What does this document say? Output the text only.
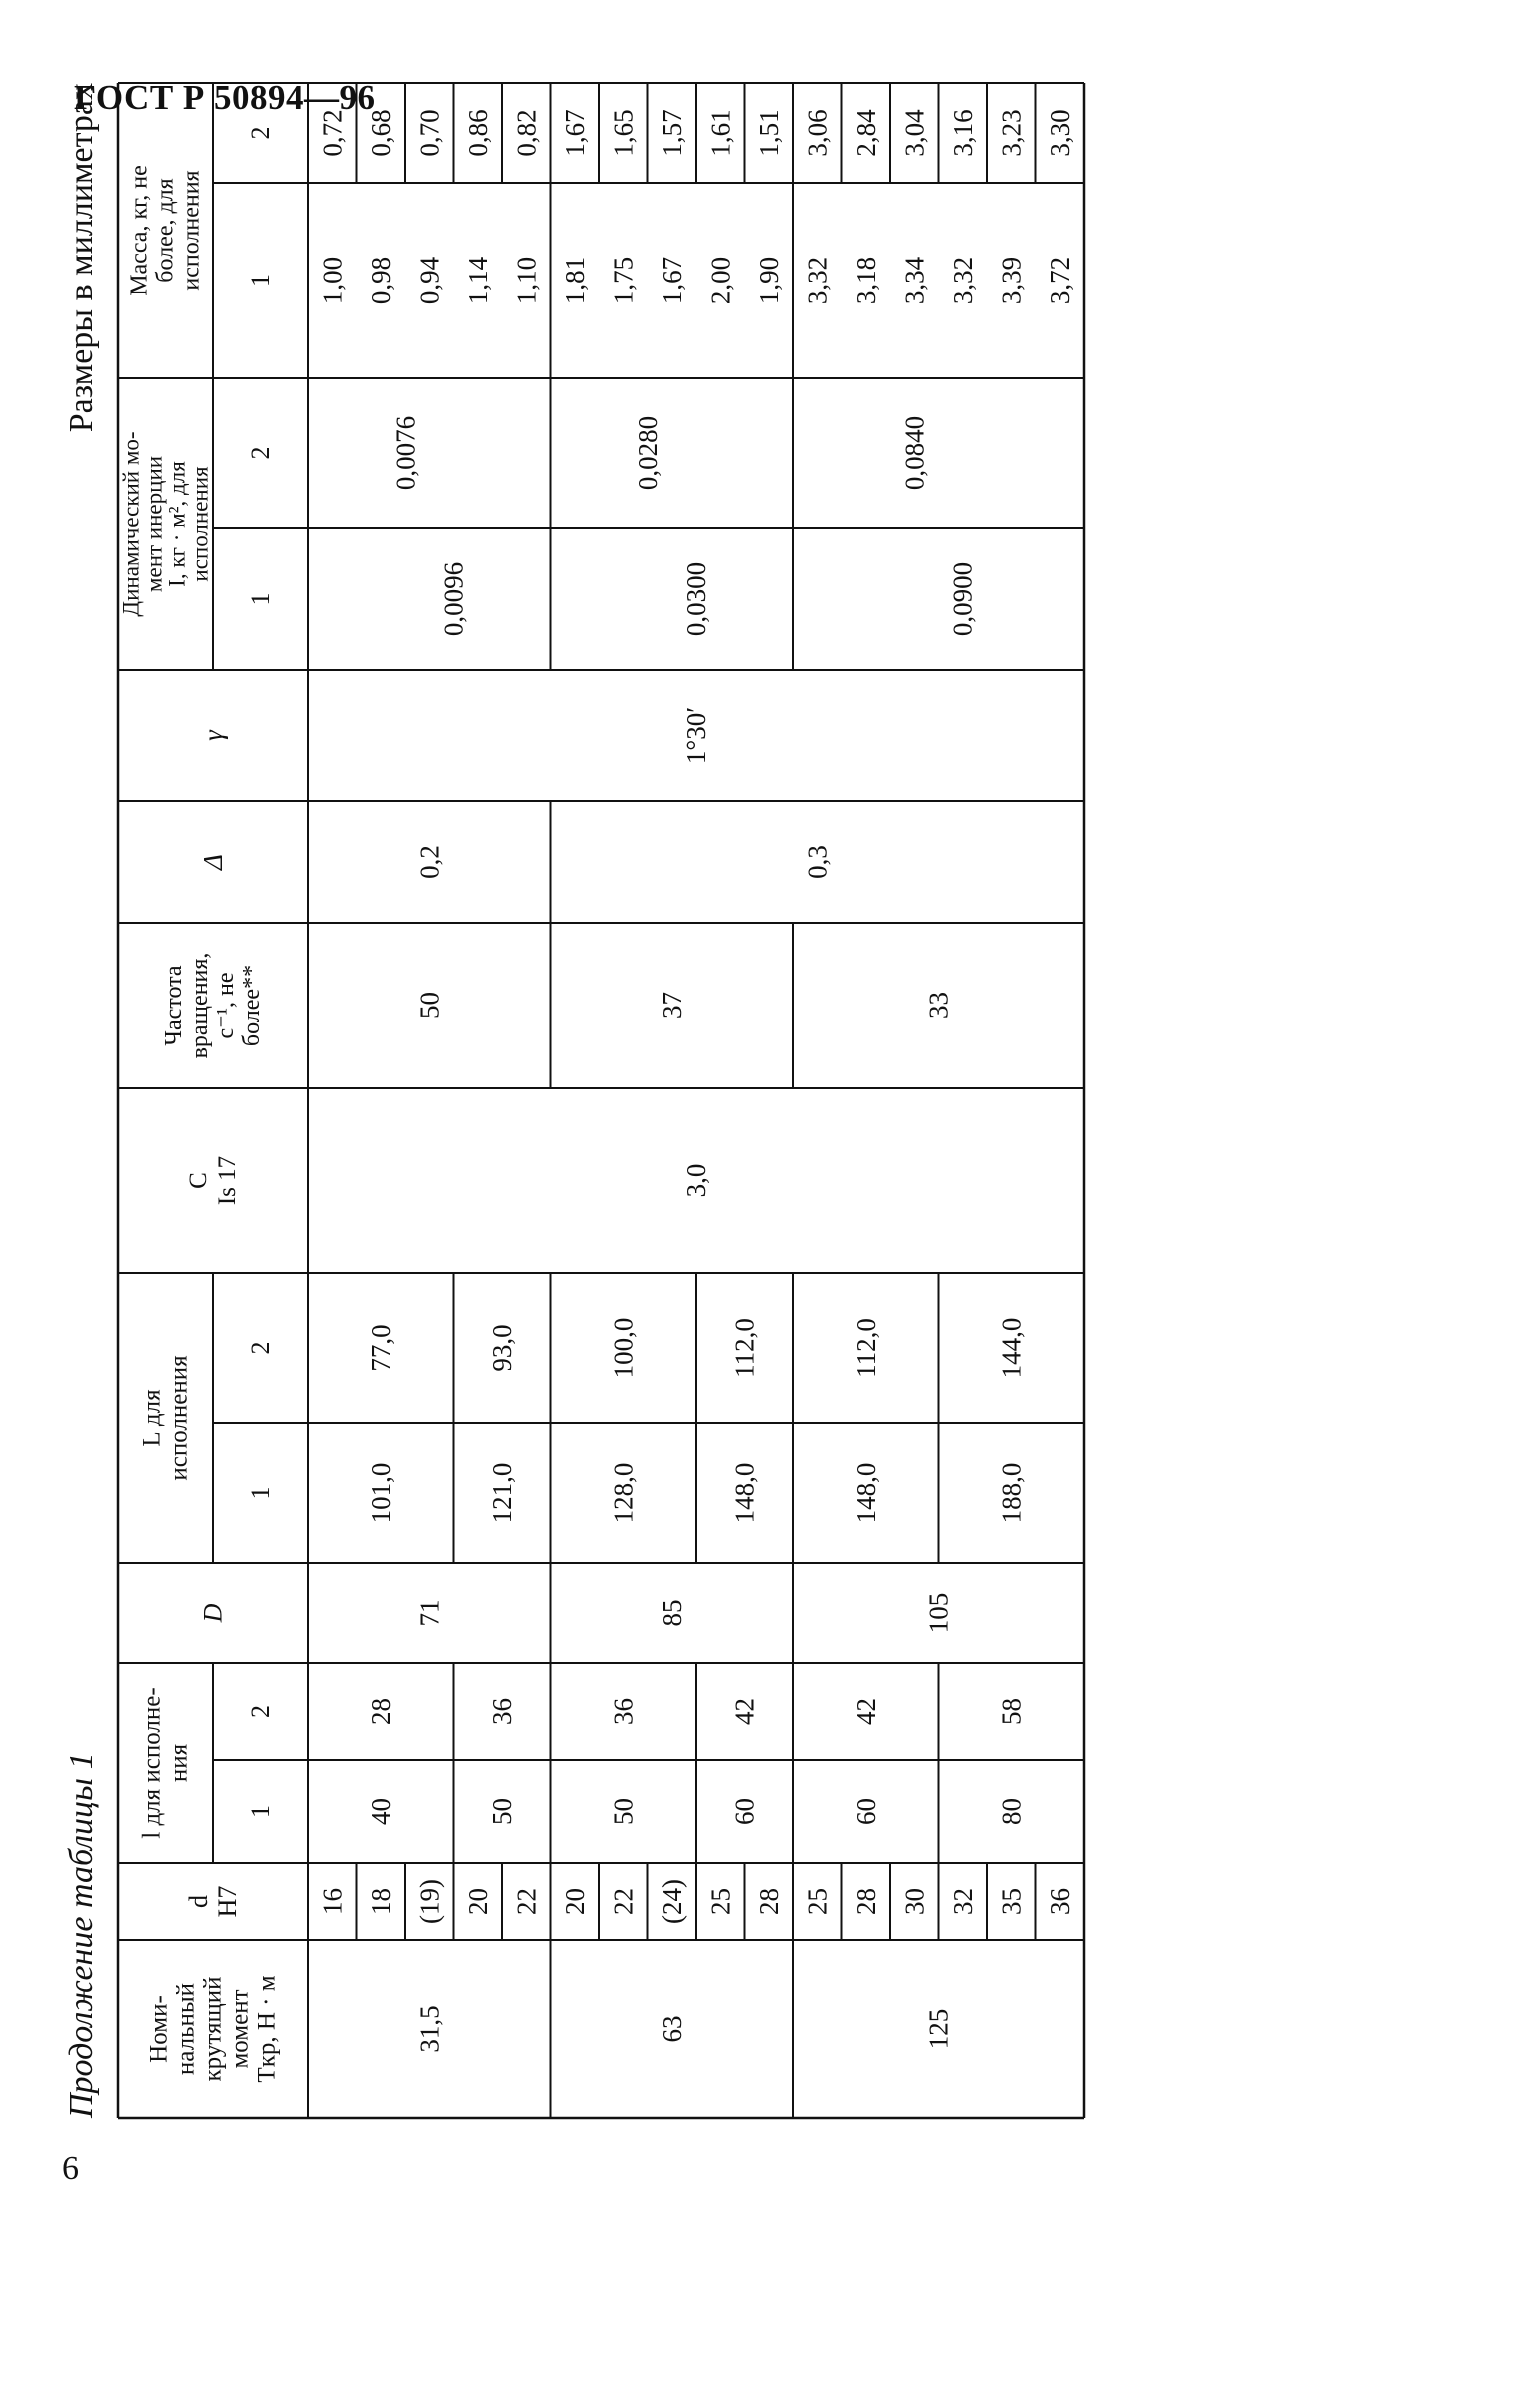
ГОСТ Р 50894—96
6
Номи- нальный крутящий момент Tкр, Н · м
d H7
l для исполне- ния
1
2
D
L для исполнения
1
2
C Is 17
Частота вращения, с⁻¹, не более**
Δ
γ
Динамический мо-
мент инерции
I, кг · м², для
исполнения
1
2
Масса, кг, не более, для исполнения 1
2
31,5
71
50
0,2
0,0096
0,0076
16
1,00
0,72
18
0,98
0,68
(19)
0,94
0,70
20
1,14
0,86
22
1,10
0,82
40
28
101,0
77,0
50
36
121,0
93,0
63
85
37
0,3
0,0300
0,0280
20
1,81
1,67
22
1,75
1,65
(24)
1,67
1,57
25
2,00
1,61
28
1,90
1,51
50
36
128,0
100,0
60
42
148,0
112,0
125
105
33
0,0900
0,0840
25
3,32
3,06
28
3,18
2,84
30
3,34
3,04
32
3,32
3,16
35
3,39
3,23
36
3,72
3,30
60
42
148,0
112,0
80
58
188,0
144,0
3,0
1°30′
Продолжение таблицы 1
Размеры в миллиметрах
